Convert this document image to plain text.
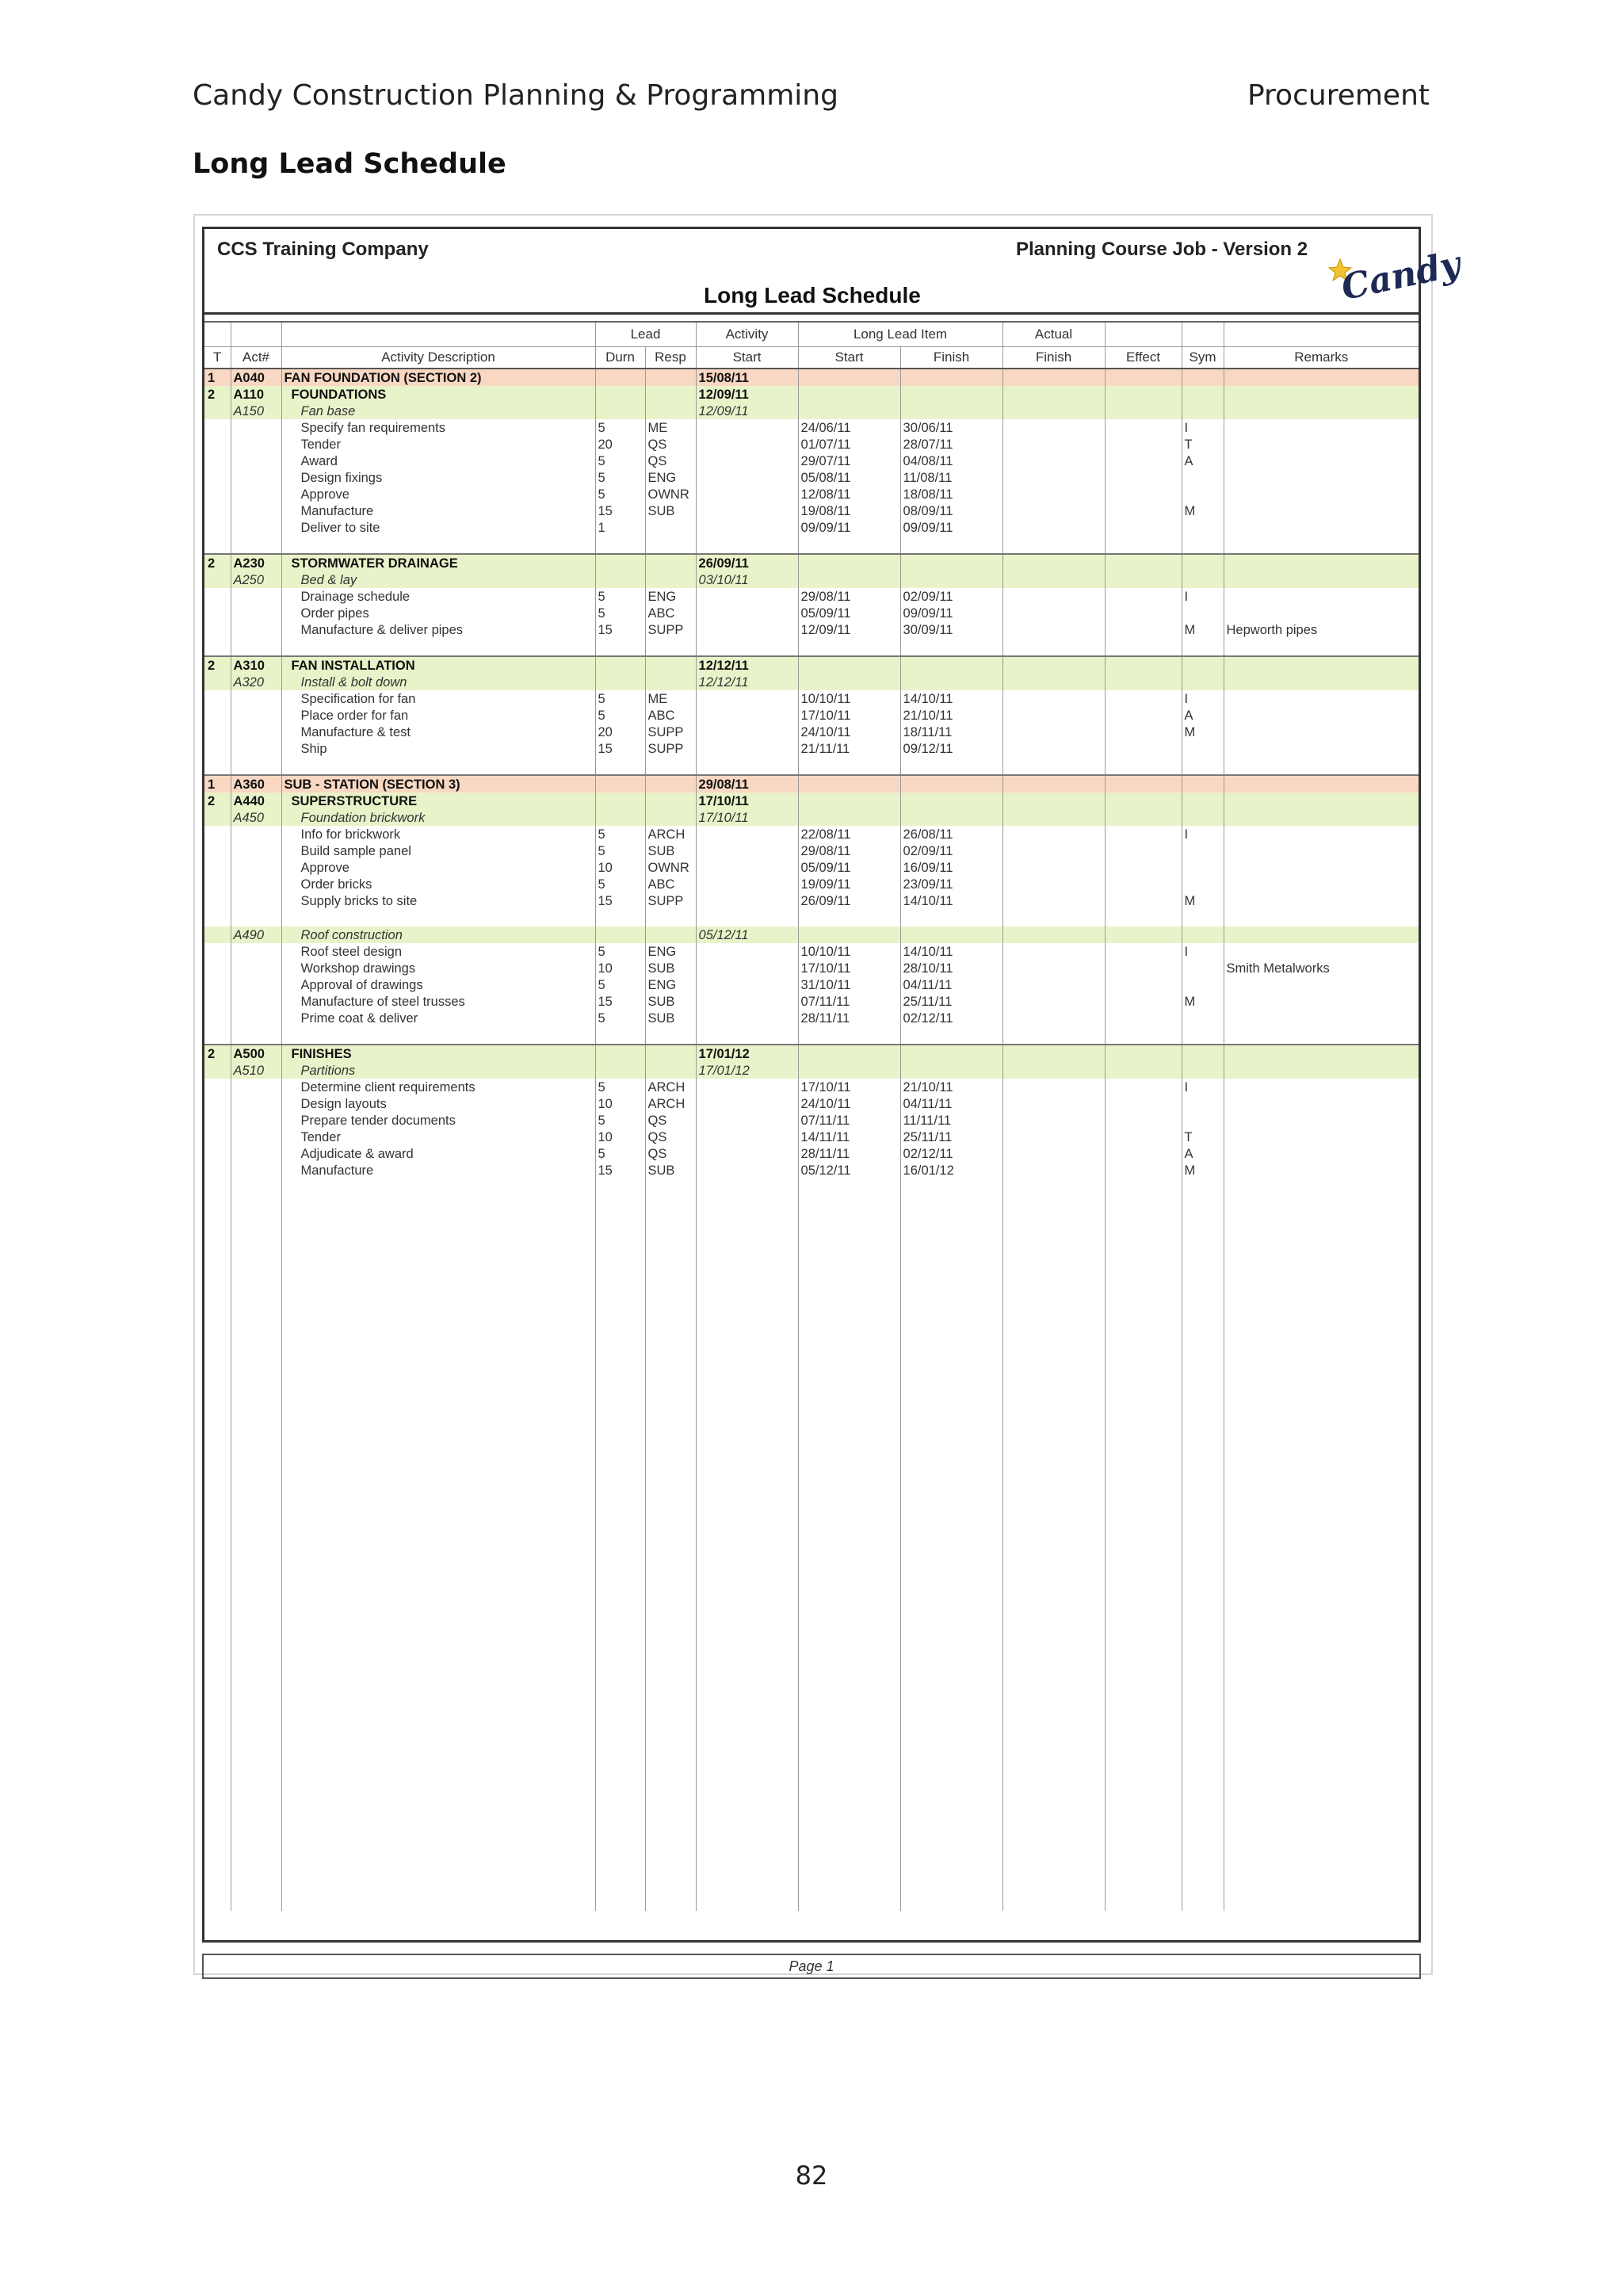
Candy Construction Planning & Programming	Procurement
Long Lead Schedule
CCS Training Company	Planning Course Job - Version 2
Long Lead Schedule	Candy
			Lead		Activity	Long Lead Item		Actual			
T	Act#	Activity Description	Durn	Resp	Start	Start	Finish	Finish	Effect	Sym	Remarks
1	A040	FAN FOUNDATION (SECTION 2)			15/08/11						
2	A110	FOUNDATIONS			12/09/11						
	A150	Fan base			12/09/11						
		Specify fan requirements	5	ME		24/06/11	30/06/11			I	
		Tender	20	QS		01/07/11	28/07/11			T	
		Award	5	QS		29/07/11	04/08/11			A	
		Design fixings	5	ENG		05/08/11	11/08/11				
		Approve	5	OWNR		12/08/11	18/08/11				
		Manufacture	15	SUB		19/08/11	08/09/11			M	
		Deliver to site	1			09/09/11	09/09/11				

2	A230	STORMWATER DRAINAGE			26/09/11						
	A250	Bed & lay			03/10/11						
		Drainage schedule	5	ENG		29/08/11	02/09/11			I	
		Order pipes	5	ABC		05/09/11	09/09/11				
		Manufacture & deliver pipes	15	SUPP		12/09/11	30/09/11			M	Hepworth pipes

2	A310	FAN INSTALLATION			12/12/11						
	A320	Install & bolt down			12/12/11						
		Specification for fan	5	ME		10/10/11	14/10/11			I	
		Place order for fan	5	ABC		17/10/11	21/10/11			A	
		Manufacture & test	20	SUPP		24/10/11	18/11/11			M	
		Ship	15	SUPP		21/11/11	09/12/11				

1	A360	SUB - STATION (SECTION 3)			29/08/11						
2	A440	SUPERSTRUCTURE			17/10/11						
	A450	Foundation brickwork			17/10/11						
		Info for brickwork	5	ARCH		22/08/11	26/08/11			I	
		Build sample panel	5	SUB		29/08/11	02/09/11				
		Approve	10	OWNR		05/09/11	16/09/11				
		Order bricks	5	ABC		19/09/11	23/09/11				
		Supply bricks to site	15	SUPP		26/09/11	14/10/11			M	

	A490	Roof construction			05/12/11						
		Roof steel design	5	ENG		10/10/11	14/10/11			I	
		Workshop drawings	10	SUB		17/10/11	28/10/11				Smith Metalworks
		Approval of drawings	5	ENG		31/10/11	04/11/11				
		Manufacture of steel trusses	15	SUB		07/11/11	25/11/11			M	
		Prime coat & deliver	5	SUB		28/11/11	02/12/11				

2	A500	FINISHES			17/01/12						
	A510	Partitions			17/01/12						
		Determine client requirements	5	ARCH		17/10/11	21/10/11			I	
		Design layouts	10	ARCH		24/10/11	04/11/11				
		Prepare tender documents	5	QS		07/11/11	11/11/11				
		Tender	10	QS		14/11/11	25/11/11			T	
		Adjudicate & award	5	QS		28/11/11	02/12/11			A	
		Manufacture	15	SUB		05/12/11	16/01/12			M	

Page 1
82
